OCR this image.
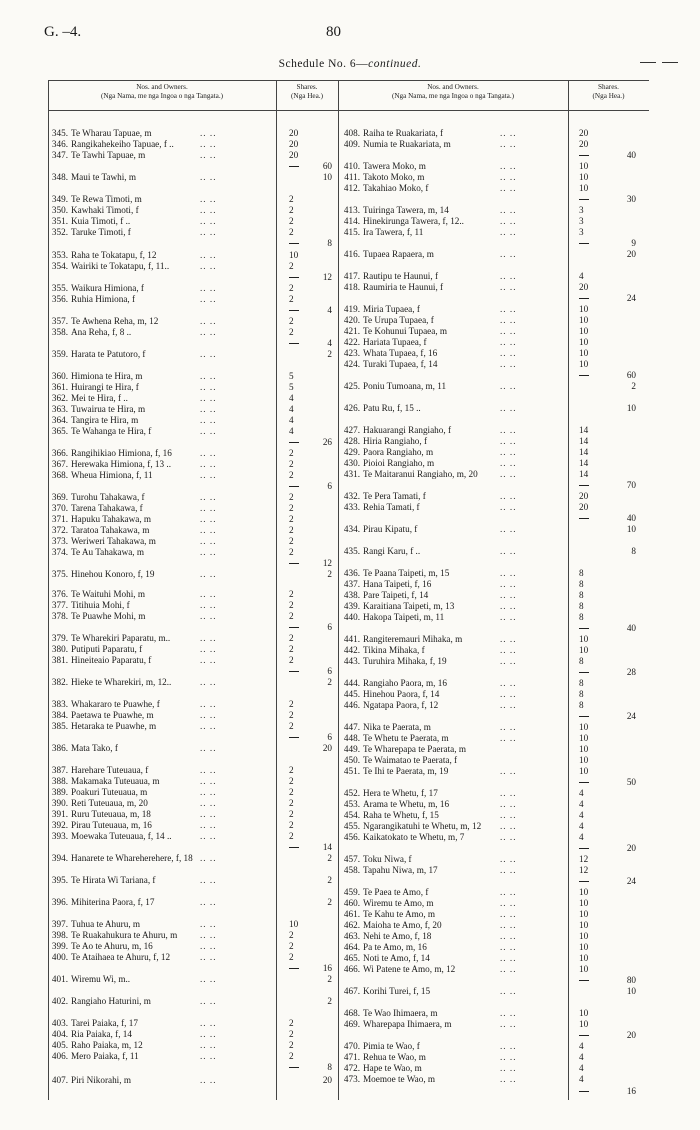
G. –4.	80
Schedule No. 6—continued.
Nos. and Owners.
(Nga Nama, me nga Ingoa o nga Tangata.)
Shares.
(Nga Hea.)
Nos. and Owners.
(Nga Nama, me nga Ingoa o nga Tangata.)
Shares.
(Nga Hea.)
345. Te Wharau Tapuae, m	.. ..	20
346. Rangikahekeiho Tapuae, f ..	.. ..	20
347. Te Tawhi Tapuae, m	.. ..	20
60
348. Maui te Tawhi, m	.. ..	10
349. Te Rewa Timoti, m	.. ..	2
350. Kawhaki Timoti, f	.. ..	2
351. Kuia Timoti, f ..	.. ..	2
352. Taruke Timoti, f	.. ..	2
8
353. Raha te Tokatapu, f, 12	.. ..	10
354. Wairiki te Tokatapu, f, 11..	.. ..	2
12
355. Waikura Himiona, f	.. ..	2
356. Ruhia Himiona, f	.. ..	2
4
357. Te Awhena Reha, m, 12	.. ..	2
358. Ana Reha, f, 8 ..	.. ..	2
4
359. Harata te Patutoro, f	.. ..	2
360. Himiona te Hira, m	.. ..	5
361. Huirangi te Hira, f	.. ..	5
362. Mei te Hira, f ..	.. ..	4
363. Tuwairua te Hira, m	.. ..	4
364. Tangira te Hira, m	.. ..	4
365. Te Wahanga te Hira, f	.. ..	4
26
366. Rangihikiao Himiona, f, 16	.. ..	2
367. Herewaka Himiona, f, 13 ..	.. ..	2
368. Wheua Himiona, f, 11	.. ..	2
6
369. Turohu Tahakawa, f	.. ..	2
370. Tarena Tahakawa, f	.. ..	2
371. Hapuku Tahakawa, m	.. ..	2
372. Taratoa Tahakawa, m	.. ..	2
373. Weriweri Tahakawa, m	.. ..	2
374. Te Au Tahakawa, m	.. ..	2
12
375. Hinehou Konoro, f, 19	.. ..	2
376. Te Waituhi Mohi, m	.. ..	2
377. Titihuia Mohi, f	.. ..	2
378. Te Puawhe Mohi, m	.. ..	2
6
379. Te Wharekiri Paparatu, m..	.. ..	2
380. Putiputi Paparatu, f	.. ..	2
381. Hineiteaio Paparatu, f	.. ..	2
6
382. Hieke te Wharekiri, m, 12..	.. ..	2
383. Whakararo te Puawhe, f	.. ..	2
384. Paetawa te Puawhe, m	.. ..	2
385. Hetaraka te Puawhe, m	.. ..	2
6
386. Mata Tako, f	.. ..	20
387. Harehare Tuteuaua, f	.. ..	2
388. Makamaka Tuteuaua, m	.. ..	2
389. Poakuri Tuteuaua, m	.. ..	2
390. Reti Tuteuaua, m, 20	.. ..	2
391. Ruru Tuteuaua, m, 18	.. ..	2
392. Pirau Tuteuaua, m, 16	.. ..	2
393. Moewaka Tuteuaua, f, 14 ..	.. ..	2
14
394. Hanarete te Whareherehere, f, 18 .. ..	2
395. Te Hirata Wi Tariana, f	.. ..	2
396. Mihiterina Paora, f, 17	.. ..	2
397. Tuhua te Ahuru, m	.. ..	10
398. Te Ruakahukura te Ahuru, m .. ..	2
399. Te Ao te Ahuru, m, 16	.. ..	2
400. Te Ataihaea te Ahuru, f, 12	.. ..	2
16
401. Wiremu Wi, m..	.. ..	2
402. Rangiaho Haturini, m	.. ..	2
403. Tarei Paiaka, f, 17	.. ..	2
404. Ria Paiaka, f, 14	.. ..	2
405. Raho Paiaka, m, 12	.. ..	2
406. Mero Paiaka, f, 11	.. ..	2
8
407. Piri Nikorahi, m	.. ..	20
408. Raiha te Ruakariata, f	.. ..	20
409. Numia te Ruakariata, m	.. ..	20
40
410. Tawera Moko, m	.. ..	10
411. Takoto Moko, m	.. ..	10
412. Takahiao Moko, f	.. ..	10
30
413. Tuiringa Tawera, m, 14	.. ..	3
414. Hinekirunga Tawera, f, 12..	.. ..	3
415. Ira Tawera, f, 11	.. ..	3
9
416. Tupaea Rapaera, m	.. ..	20
417. Rautipu te Haunui, f	.. ..	4
418. Raumiria te Haunui, f	.. ..	20
24
419. Miria Tupaea, f	.. ..	10
420. Te Urupa Tupaea, f	.. ..	10
421. Te Kohunui Tupaea, m	.. ..	10
422. Hariata Tupaea, f	.. ..	10
423. Whata Tupaea, f, 16	.. ..	10
424. Turaki Tupaea, f, 14	.. ..	10
60
425. Poniu Tumoana, m, 11	.. ..	2
426. Patu Ru, f, 15 ..	.. ..	10
427. Hakuarangi Rangiaho, f	.. ..	14
428. Hiria Rangiaho, f	.. ..	14
429. Paora Rangiaho, m	.. ..	14
430. Pioioi Rangiaho, m	.. ..	14
431. Te Maitaranui Rangiaho, m, 20 .. ..	14
70
432. Te Pera Tamati, f	.. ..	20
433. Rehia Tamati, f	.. ..	20
40
434. Pirau Kipatu, f	.. ..	10
435. Rangi Karu, f ..	.. ..	8
436. Te Paana Taipeti, m, 15	.. ..	8
437. Hana Taipeti, f, 16	.. ..	8
438. Pare Taipeti, f, 14	.. ..	8
439. Karaitiana Taipeti, m, 13	.. ..	8
440. Hakopa Taipeti, m, 11	.. ..	8
40
441. Rangiteremauri Mihaka, m	.. ..	10
442. Tikina Mihaka, f	.. ..	10
443. Turuhira Mihaka, f, 19	.. ..	8
28
444. Rangiaho Paora, m, 16	.. ..	8
445. Hinehou Paora, f, 14	.. ..	8
446. Ngatapa Paora, f, 12	.. ..	8
24
447. Nika te Paerata, m	.. ..	10
448. Te Whetu te Paerata, m	.. ..	10
449. Te Wharepapa te Paerata, m	10
450. Te Waimatao te Paerata, f	10
451. Te Ihi te Paerata, m, 19	.. ..	10
50
452. Hera te Whetu, f, 17	.. ..	4
453. Arama te Whetu, m, 16	.. ..	4
454. Raha te Whetu, f, 15	.. ..	4
455. Ngarangikatuhi te Whetu, m, 12 .. ..	4
456. Kaikatokato te Whetu, m, 7	.. ..	4
20
457. Toku Niwa, f	.. ..	12
458. Tapahu Niwa, m, 17	.. ..	12
24
459. Te Paea te Amo, f	.. ..	10
460. Wiremu te Amo, m	.. ..	10
461. Te Kahu te Amo, m	.. ..	10
462. Maioha te Amo, f, 20	.. ..	10
463. Nehi te Amo, f, 18	.. ..	10
464. Pa te Amo, m, 16	.. ..	10
465. Noti te Amo, f, 14	.. ..	10
466. Wi Patene te Amo, m, 12	.. ..	10
80
467. Korihi Turei, f, 15	.. ..	10
468. Te Wao Ihimaera, m	.. ..	10
469. Wharepapa Ihimaera, m	.. ..	10
20
470. Pimia te Wao, f	.. ..	4
471. Rehua te Wao, m	.. ..	4
472. Hape te Wao, m	.. ..	4
473. Moemoe te Wao, m	.. ..	4
16
